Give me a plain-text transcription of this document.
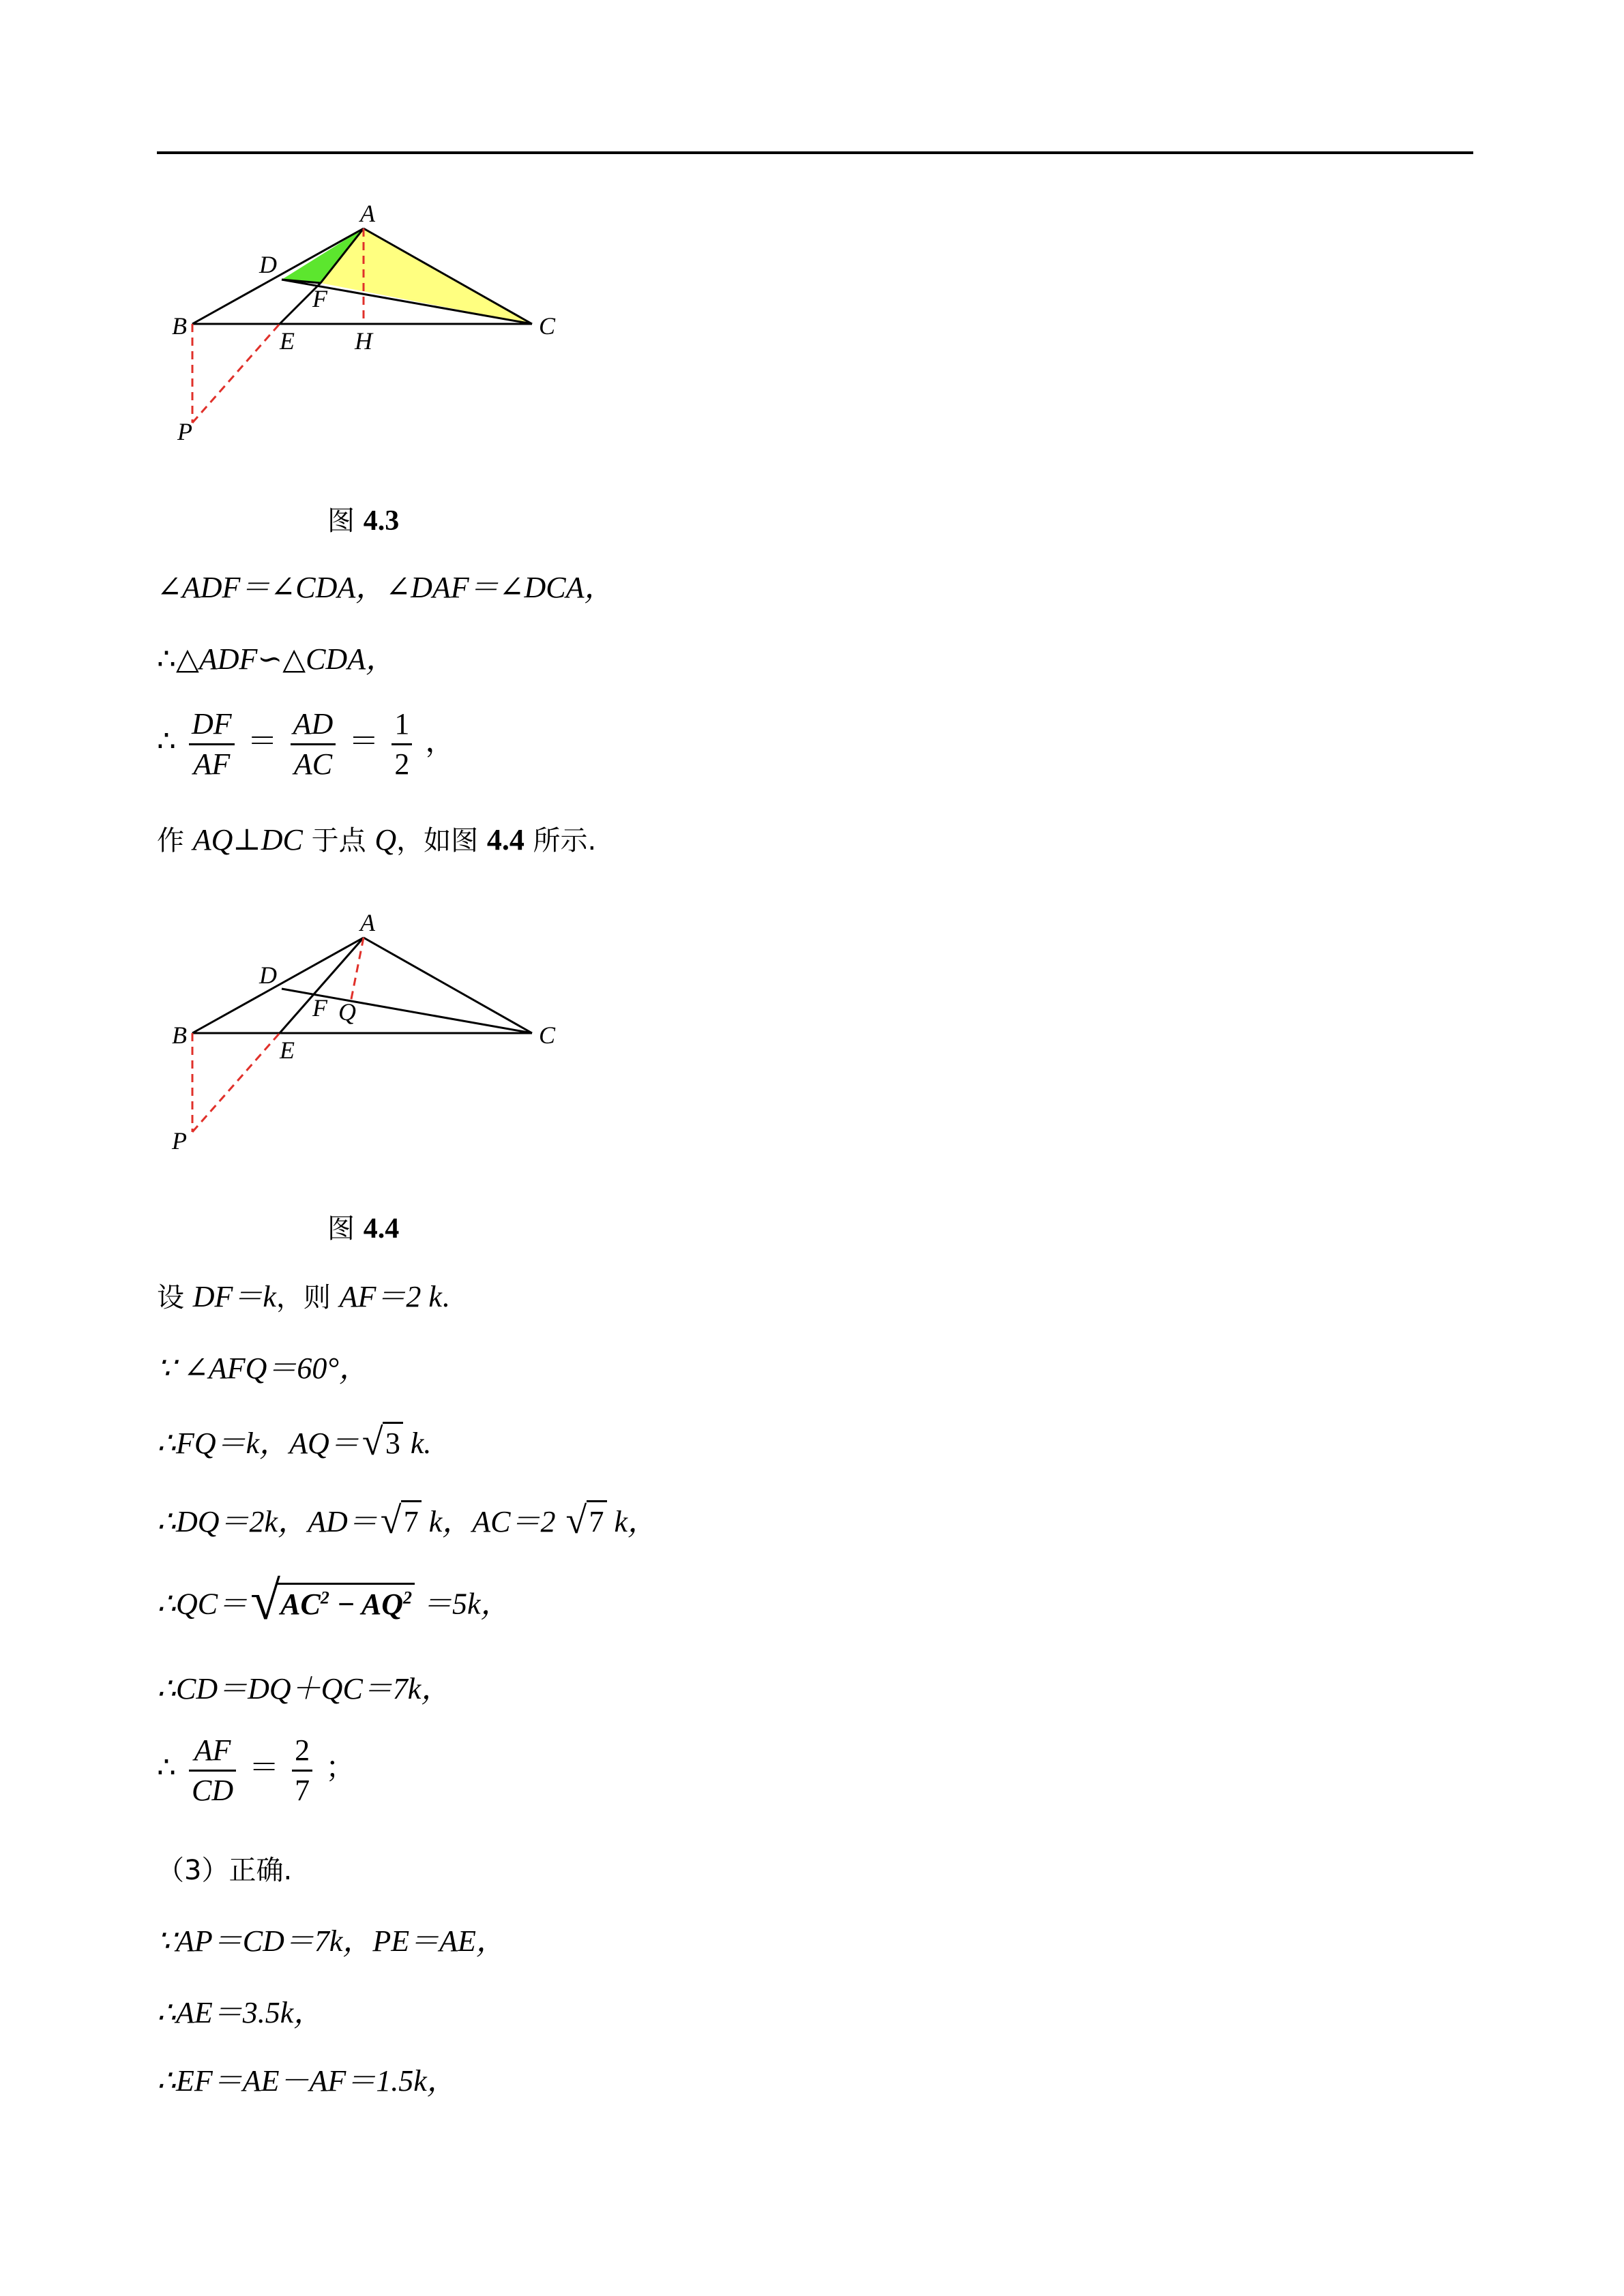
A
D
F
B
E H
C
P
图 4.3
∠ADF＝∠CDA，∠DAF＝∠DCA，
∴△ADF∽△CDA，
∴ $\frac{DF}{AF} = \frac{AD}{AC} = \frac{1}{2}$ ，
作 AQ⊥DC 于点 Q，如图 4.4 所示.
A
D
F Q
B
E
C
P
图 4.4
设 DF＝k，则 AF＝2 k.
∵ ∠AFQ＝60°，
∴FQ＝k，AQ＝ √ 3 k.
∴DQ＝2k，AD＝ √ 7 k，AC＝2 √ 7 k，
∴QC＝ √ $AC^2 - AQ^2 =5k$，
∴CD＝DQ＋QC＝7k，
∴ $\frac{AF}{CD} = \frac{2}{7}$ ；
（3）正确.
∵AP＝CD＝7k，PE＝AE，
∴AE＝3.5k，
∴EF＝AE－AF＝1.5k，
